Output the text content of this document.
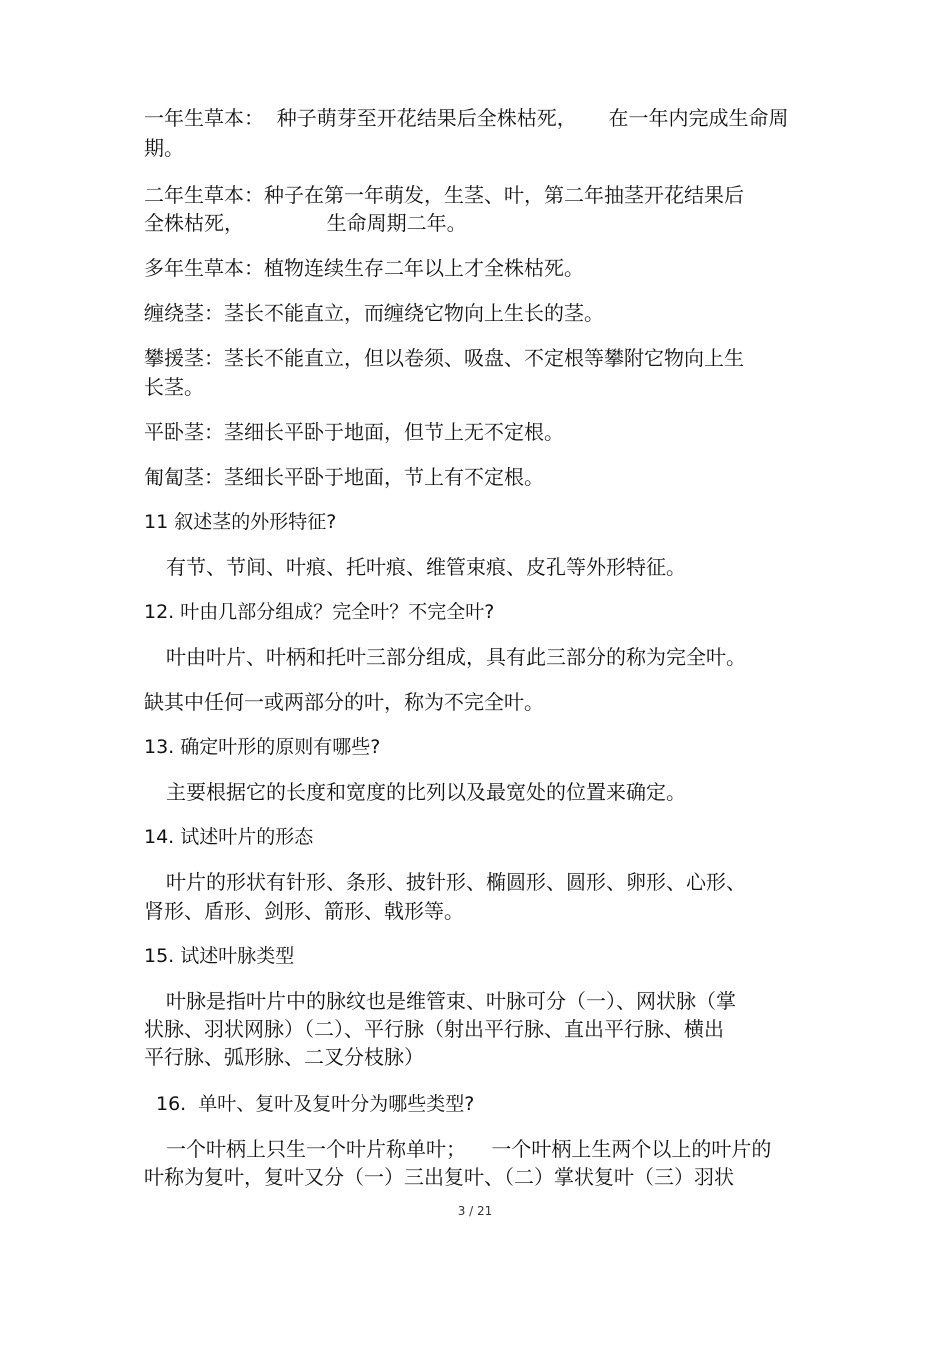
一年生草本：  种子萌芽至开花结果后全株枯死，     在一年内完成生命周
期。
二年生草本：种子在第一年萌发，生茎、叶，第二年抽茎开花结果后
全株枯死，             生命周期二年。
多年生草本：植物连续生存二年以上才全株枯死。
缠绕茎：茎长不能直立，而缠绕它物向上生长的茎。
攀援茎：茎长不能直立，但以卷须、吸盘、不定根等攀附它物向上生
长茎。
平卧茎：茎细长平卧于地面，但节上无不定根。
匍匐茎：茎细长平卧于地面，节上有不定根。
11 叙述茎的外形特征?
有节、节间、叶痕、托叶痕、维管束痕、皮孔等外形特征。
12. 叶由几部分组成？完全叶？不完全叶?
叶由叶片、叶柄和托叶三部分组成，具有此三部分的称为完全叶。
缺其中任何一或两部分的叶，称为不完全叶。
13. 确定叶形的原则有哪些?
主要根据它的长度和宽度的比列以及最宽处的位置来确定。
14. 试述叶片的形态
叶片的形状有针形、条形、披针形、椭圆形、圆形、卵形、心形、
肾形、盾形、剑形、箭形、戟形等。
15. 试述叶脉类型
叶脉是指叶片中的脉纹也是维管束、叶脉可分（一）、网状脉（掌
状脉、羽状网脉）（二）、平行脉（射出平行脉、直出平行脉、横出
平行脉、弧形脉、二叉分枝脉）
16.  单叶、复叶及复叶分为哪些类型?
一个叶柄上只生一个叶片称单叶；    一个叶柄上生两个以上的叶片的
叶称为复叶，复叶又分（一）三出复叶、（二）掌状复叶（三）羽状
3 / 21
